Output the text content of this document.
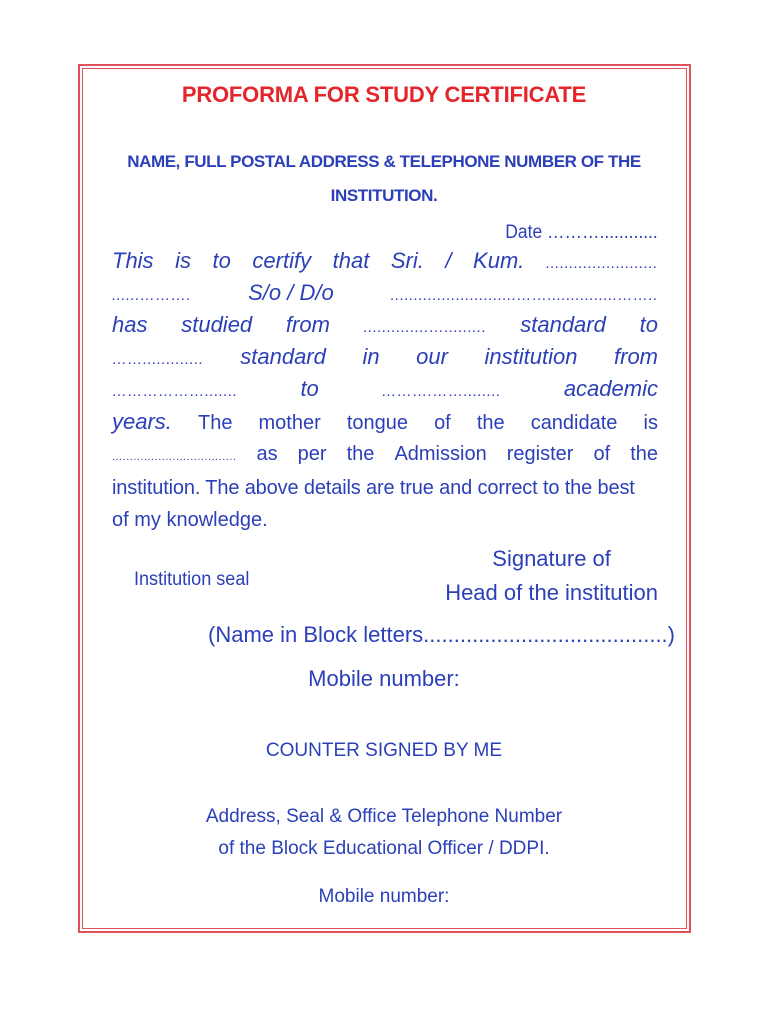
PROFORMA FOR STUDY CERTIFICATE
NAME, FULL POSTAL ADDRESS & TELEPHONE NUMBER OF THE
INSTITUTION.
Date ………............
This is to certify that Sri. / Kum. ........................
......……….	S/o / D/o	...........................……...............……..
has studied from ..............…......... standard to
……............. standard in our institution from
……………….......	to	……….……........	academic
years. The mother tongue of the candidate is
................................... as per the Admission register of the
institution. The above details are true and correct to the best
of my knowledge.
Institution seal
Signature of
Head of the institution
(Name in Block letters........................................)
Mobile number:
COUNTER SIGNED BY ME
Address, Seal & Office Telephone Number
of the Block Educational Officer / DDPI.
Mobile number:
